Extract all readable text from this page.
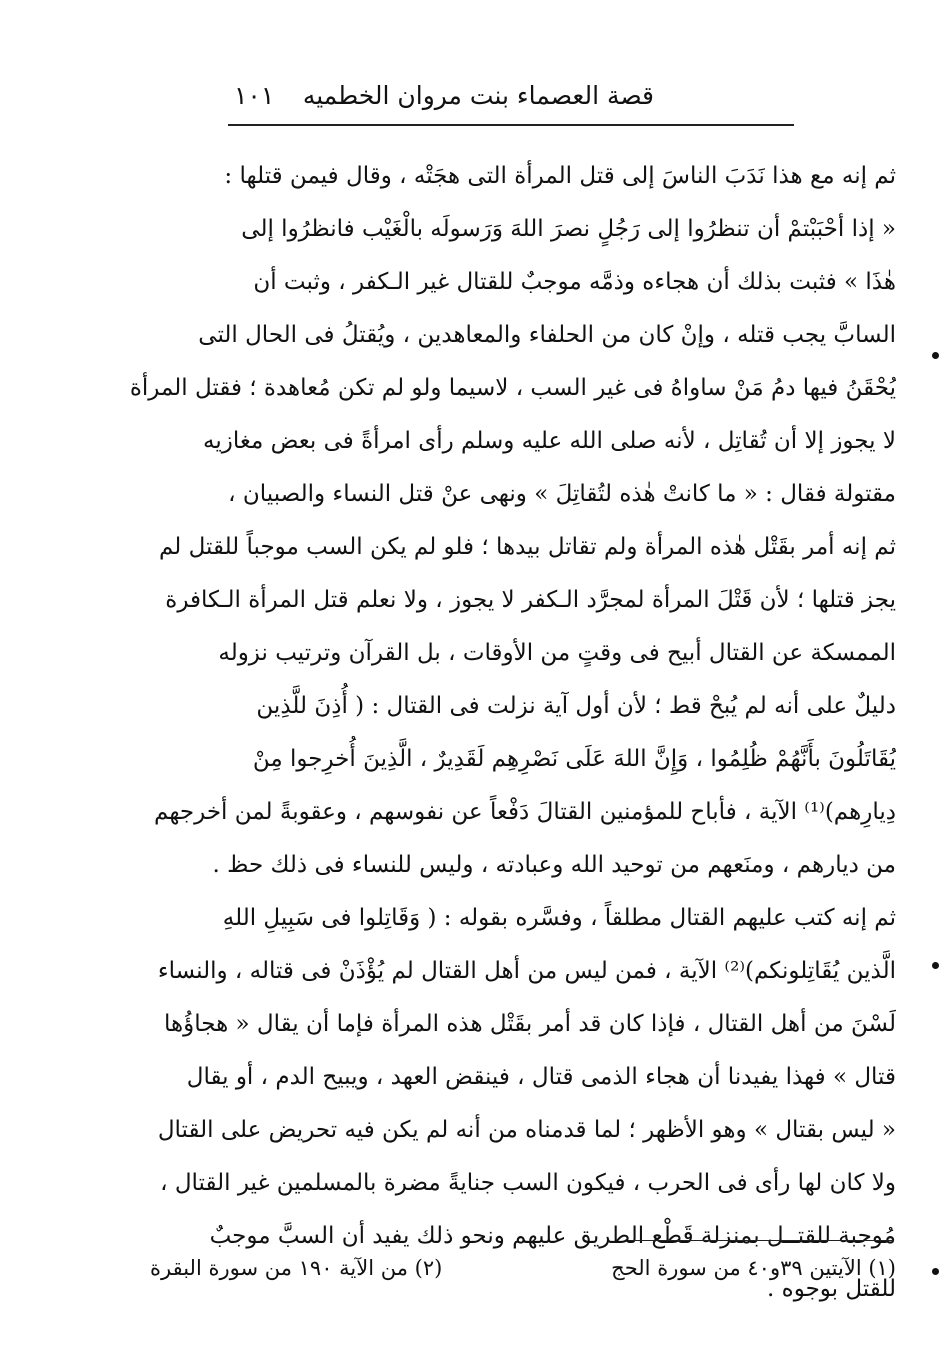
قصة العصماء بنت مروان الخطميه
١٠١
ثم إنه مع هذا نَدَبَ الناسَ إلى قتل المرأة التى هجَتْه ، وقال فيمن قتلها :
« إذا أحْبَبْتمْ أن تنظرُوا إلى رَجُلٍ نصرَ اللهَ وَرَسولَه بالْغَيْب فانظرُوا إلى
هٰذَا » فثبت بذلك أن هجاءه وذمَّه موجبٌ للقتال غير الـكفر ، وثبت أن
السابَّ يجب قتله ، وإنْ كان من الحلفاء والمعاهدين ، ويُقتلُ فى الحال التى
يُحْقَنُ فيها دمُ مَنْ ساواهُ فى غير السب ، لاسيما ولو لم تكن مُعاهدة ؛ فقتل المرأة
لا يجوز إلا أن تُقاتِل ، لأنه صلى الله عليه وسلم رأى امرأةً فى بعض مغازيه
مقتولة فقال : « ما كانتْ هٰذه لتُقاتِلَ » ونهى عنْ قتل النساء والصبيان ،
ثم إنه أمر بقَتْل هٰذه المرأة ولم تقاتل بيدها ؛ فلو لم يكن السب موجباً للقتل لم
يجز قتلها ؛ لأن قَتْلَ المرأة لمجرَّد الـكفر لا يجوز ، ولا نعلم قتل المرأة الـكافرة
الممسكة عن القتال أبيح فى وقتٍ من الأوقات ، بل القرآن وترتيب نزوله
دليلٌ على أنه لم يُبحْ قط ؛ لأن أول آية نزلت فى القتال : ( أُذِنَ للَّذِين
يُقَاتَلُونَ بأَنَّهُمْ ظُلِمُوا ، وَإِنَّ اللهَ عَلَى نَصْرِهِم لَقَدِيرٌ ، الَّذِينَ أُخرِجوا مِنْ
دِيارِهم)⁽¹⁾ الآية ، فأباح للمؤمنين القتالَ دَفْعاً عن نفوسهم ، وعقوبةً لمن أخرجهم
من ديارهم ، ومنَعهم من توحيد الله وعبادته ، وليس للنساء فى ذلك حظ .
ثم إنه كتب عليهم القتال مطلقاً ، وفسَّره بقوله : ( وَقَاتِلوا فى سَبِيلِ اللهِ
الَّذين يُقَاتِلونكم)⁽²⁾ الآية ، فمن ليس من أهل القتال لم يُؤْذَنْ فى قتاله ، والنساء
لَسْنَ من أهل القتال ، فإذا كان قد أمر بقَتْل هذه المرأة فإما أن يقال « هجاؤُها
قتال » فهذا يفيدنا أن هجاء الذمى قتال ، فينقض العهد ، ويبيح الدم ، أو يقال
« ليس بقتال » وهو الأظهر ؛ لما قدمناه من أنه لم يكن فيه تحريض على القتال
ولا كان لها رأى فى الحرب ، فيكون السب جنايةً مضرة بالمسلمين غير القتال ،
مُوجبة للقتــل بمنزلة قَطْع الطريق عليهم ونحو ذلك يفيد أن السبَّ موجبٌ
للقتل بوجوه .
(١) الآيتين ٣٩و٤٠ من سورة الحج
(٢) من الآية ١٩٠ من سورة البقرة
